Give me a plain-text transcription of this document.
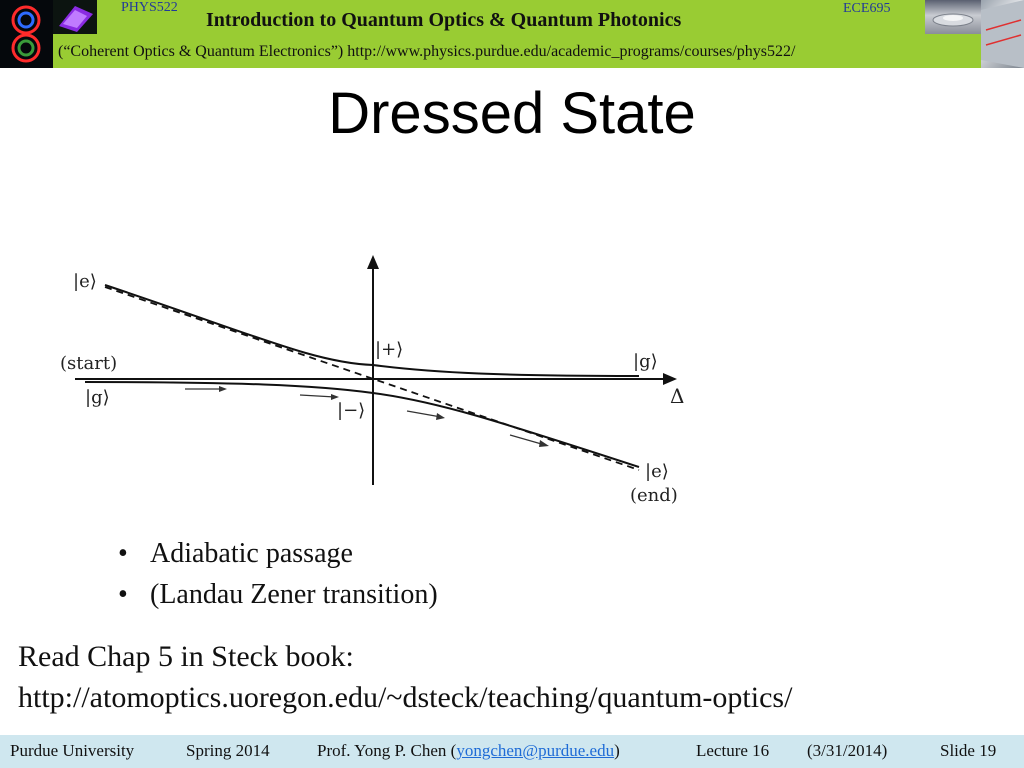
PHYS522	ECE695
Introduction to Quantum Optics & Quantum Photonics
(“Coherent Optics & Quantum Electronics”) http://www.physics.purdue.edu/academic_programs/courses/phys522/
Dressed State
|e⟩
(start)
|g⟩
|+⟩
|−⟩
|g⟩
Δ
|e⟩
(end)
• Adiabatic passage
• (Landau Zener transition)
Read Chap 5 in Steck book:
http://atomoptics.uoregon.edu/~dsteck/teaching/quantum-optics/
Purdue University	Spring 2014	Prof. Yong P. Chen (yongchen@purdue.edu)	Lecture 16 (3/31/2014)	Slide 19
